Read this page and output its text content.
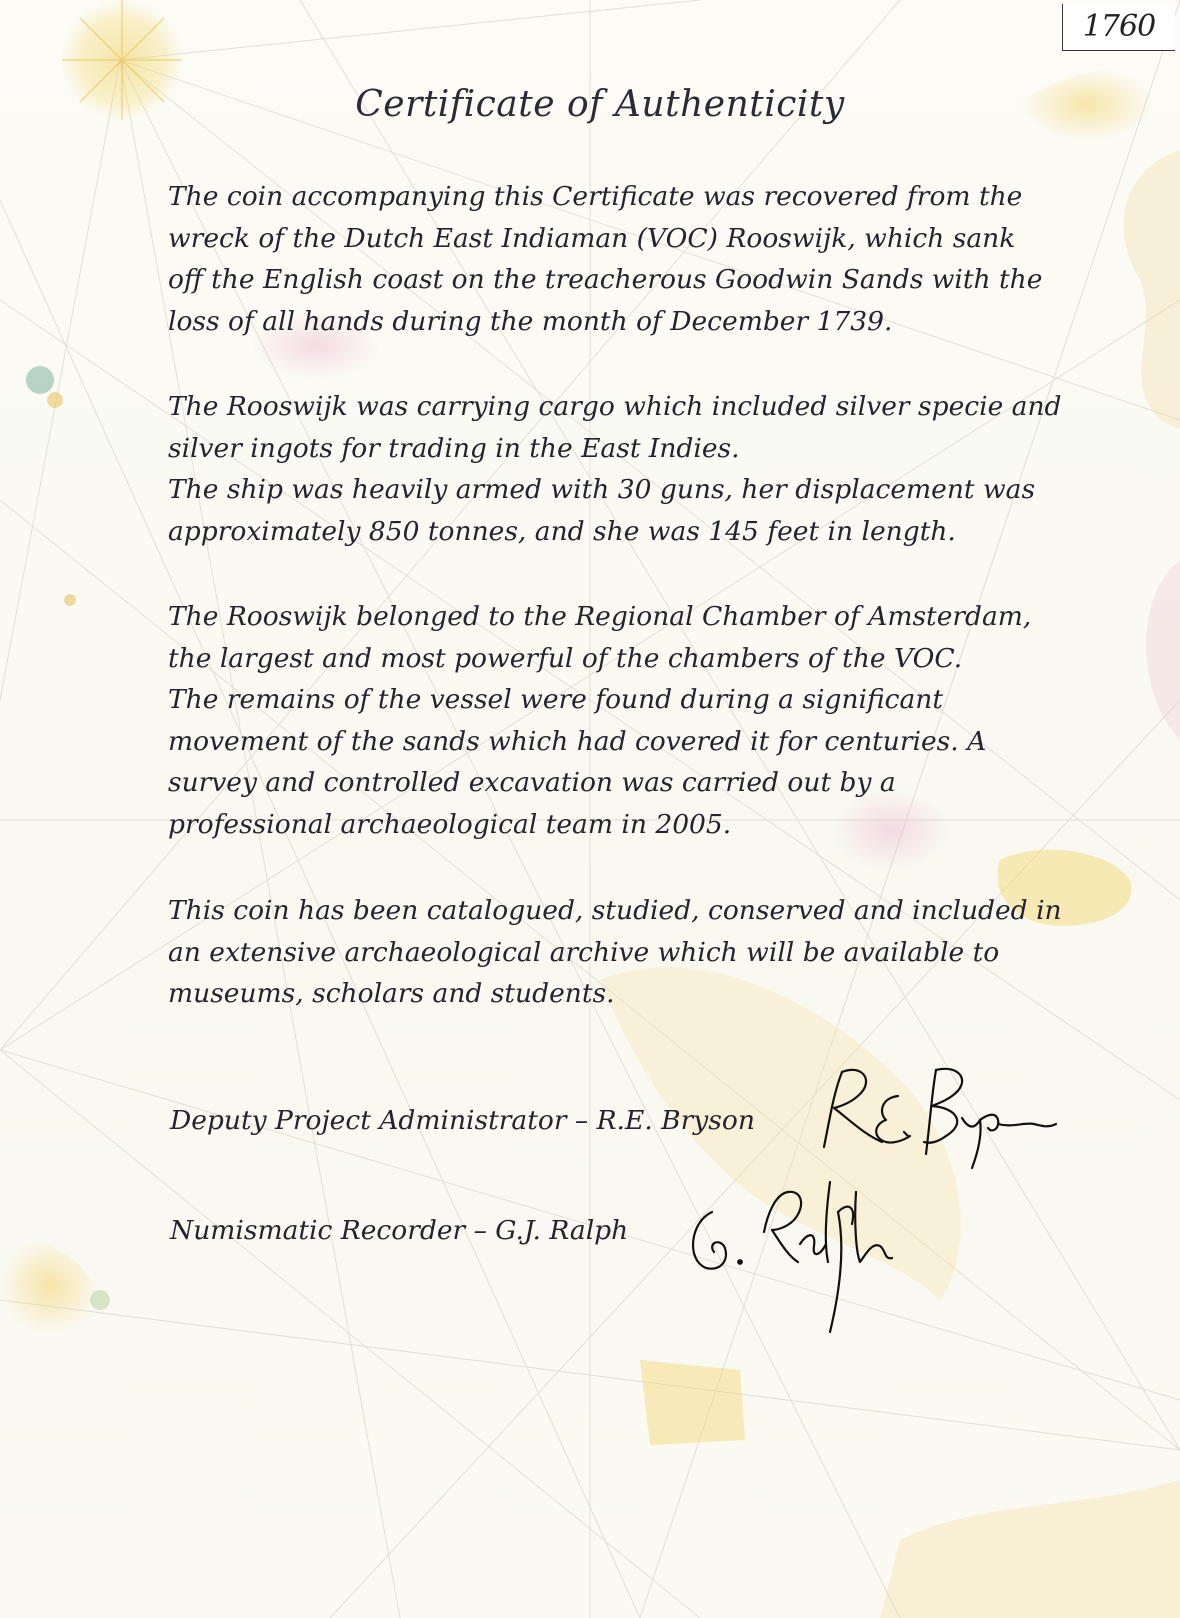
1760
Certificate of Authenticity

The coin accompanying this Certificate was recovered from the
wreck of the Dutch East Indiaman (VOC) Rooswijk, which sank
off the English coast on the treacherous Goodwin Sands with the
loss of all hands during the month of December 1739.

The Rooswijk was carrying cargo which included silver specie and
silver ingots for trading in the East Indies.
The ship was heavily armed with 30 guns, her displacement was
approximately 850 tonnes, and she was 145 feet in length.

The Rooswijk belonged to the Regional Chamber of Amsterdam,
the largest and most powerful of the chambers of the VOC.
The remains of the vessel were found during a significant
movement of the sands which had covered it for centuries. A
survey and controlled excavation was carried out by a
professional archaeological team in 2005.

This coin has been catalogued, studied, conserved and included in
an extensive archaeological archive which will be available to
museums, scholars and students.

Deputy Project Administrator – R.E. Bryson
Numismatic Recorder – G.J. Ralph
